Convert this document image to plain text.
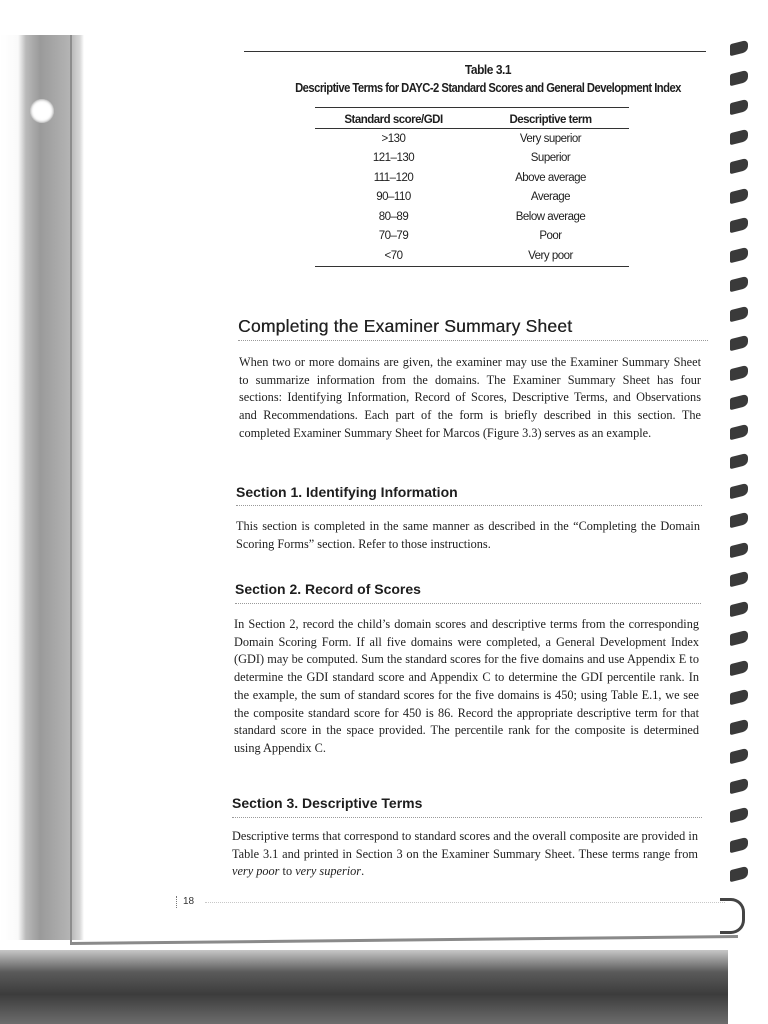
Table 3.1
Descriptive Terms for DAYC-2 Standard Scores and General Development Index
Standard score/GDI	Descriptive term
>130	Very superior
121–130	Superior
111–120	Above average
90–110	Average
80–89	Below average
70–79	Poor
<70	Very poor
Completing the Examiner Summary Sheet

When two or more domains are given, the examiner may use the Examiner Summary Sheet to summarize information from the domains. The Examiner Summary Sheet has four sections: Identifying Information, Record of Scores, Descriptive Terms, and Observations and Recommendations. Each part of the form is briefly described in this section. The completed Examiner Summary Sheet for Marcos (Figure 3.3) serves as an example.

Section 1. Identifying Information

This section is completed in the same manner as described in the “Completing the Domain Scoring Forms” section. Refer to those instructions.

Section 2. Record of Scores

In Section 2, record the child’s domain scores and descriptive terms from the corresponding Domain Scoring Form. If all five domains were completed, a General Development Index (GDI) may be computed. Sum the standard scores for the five domains and use Appendix E to determine the GDI standard score and Appendix C to determine the GDI percentile rank. In the example, the sum of standard scores for the five domains is 450; using Table E.1, we see the composite standard score for 450 is 86. Record the appropriate descriptive term for that standard score in the space provided. The percentile rank for the composite is determined using Appendix C.

Section 3. Descriptive Terms

Descriptive terms that correspond to standard scores and the overall composite are provided in Table 3.1 and printed in Section 3 on the Examiner Summary Sheet. These terms range from very poor to very superior.

18
